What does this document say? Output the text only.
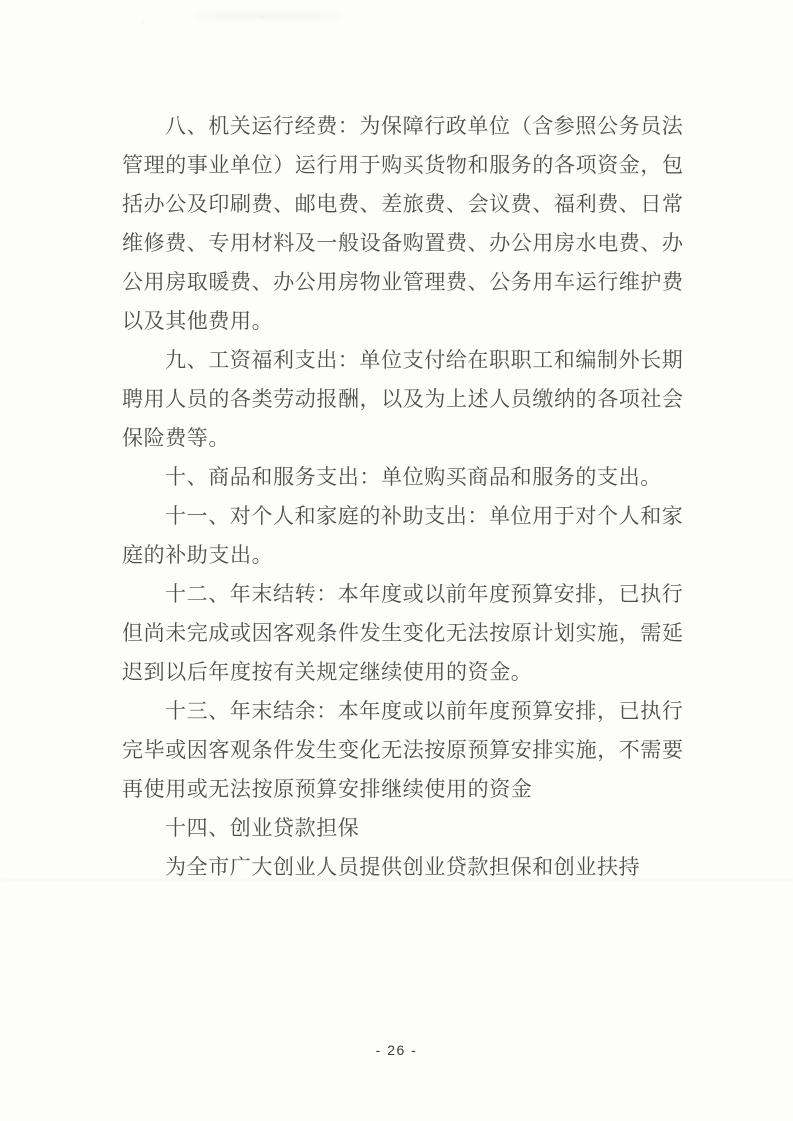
八、机关运行经费：为保障行政单位（含参照公务员法
管理的事业单位）运行用于购买货物和服务的各项资金，包
括办公及印刷费、邮电费、差旅费、会议费、福利费、日常
维修费、专用材料及一般设备购置费、办公用房水电费、办
公用房取暖费、办公用房物业管理费、公务用车运行维护费
以及其他费用。
九、工资福利支出：单位支付给在职职工和编制外长期
聘用人员的各类劳动报酬，以及为上述人员缴纳的各项社会
保险费等。
十、商品和服务支出：单位购买商品和服务的支出。
十一、对个人和家庭的补助支出：单位用于对个人和家
庭的补助支出。
十二、年末结转：本年度或以前年度预算安排，已执行
但尚未完成或因客观条件发生变化无法按原计划实施，需延
迟到以后年度按有关规定继续使用的资金。
十三、年末结余：本年度或以前年度预算安排，已执行
完毕或因客观条件发生变化无法按原预算安排实施，不需要
再使用或无法按原预算安排继续使用的资金
十四、创业贷款担保
为全市广大创业人员提供创业贷款担保和创业扶持
- 26 -
